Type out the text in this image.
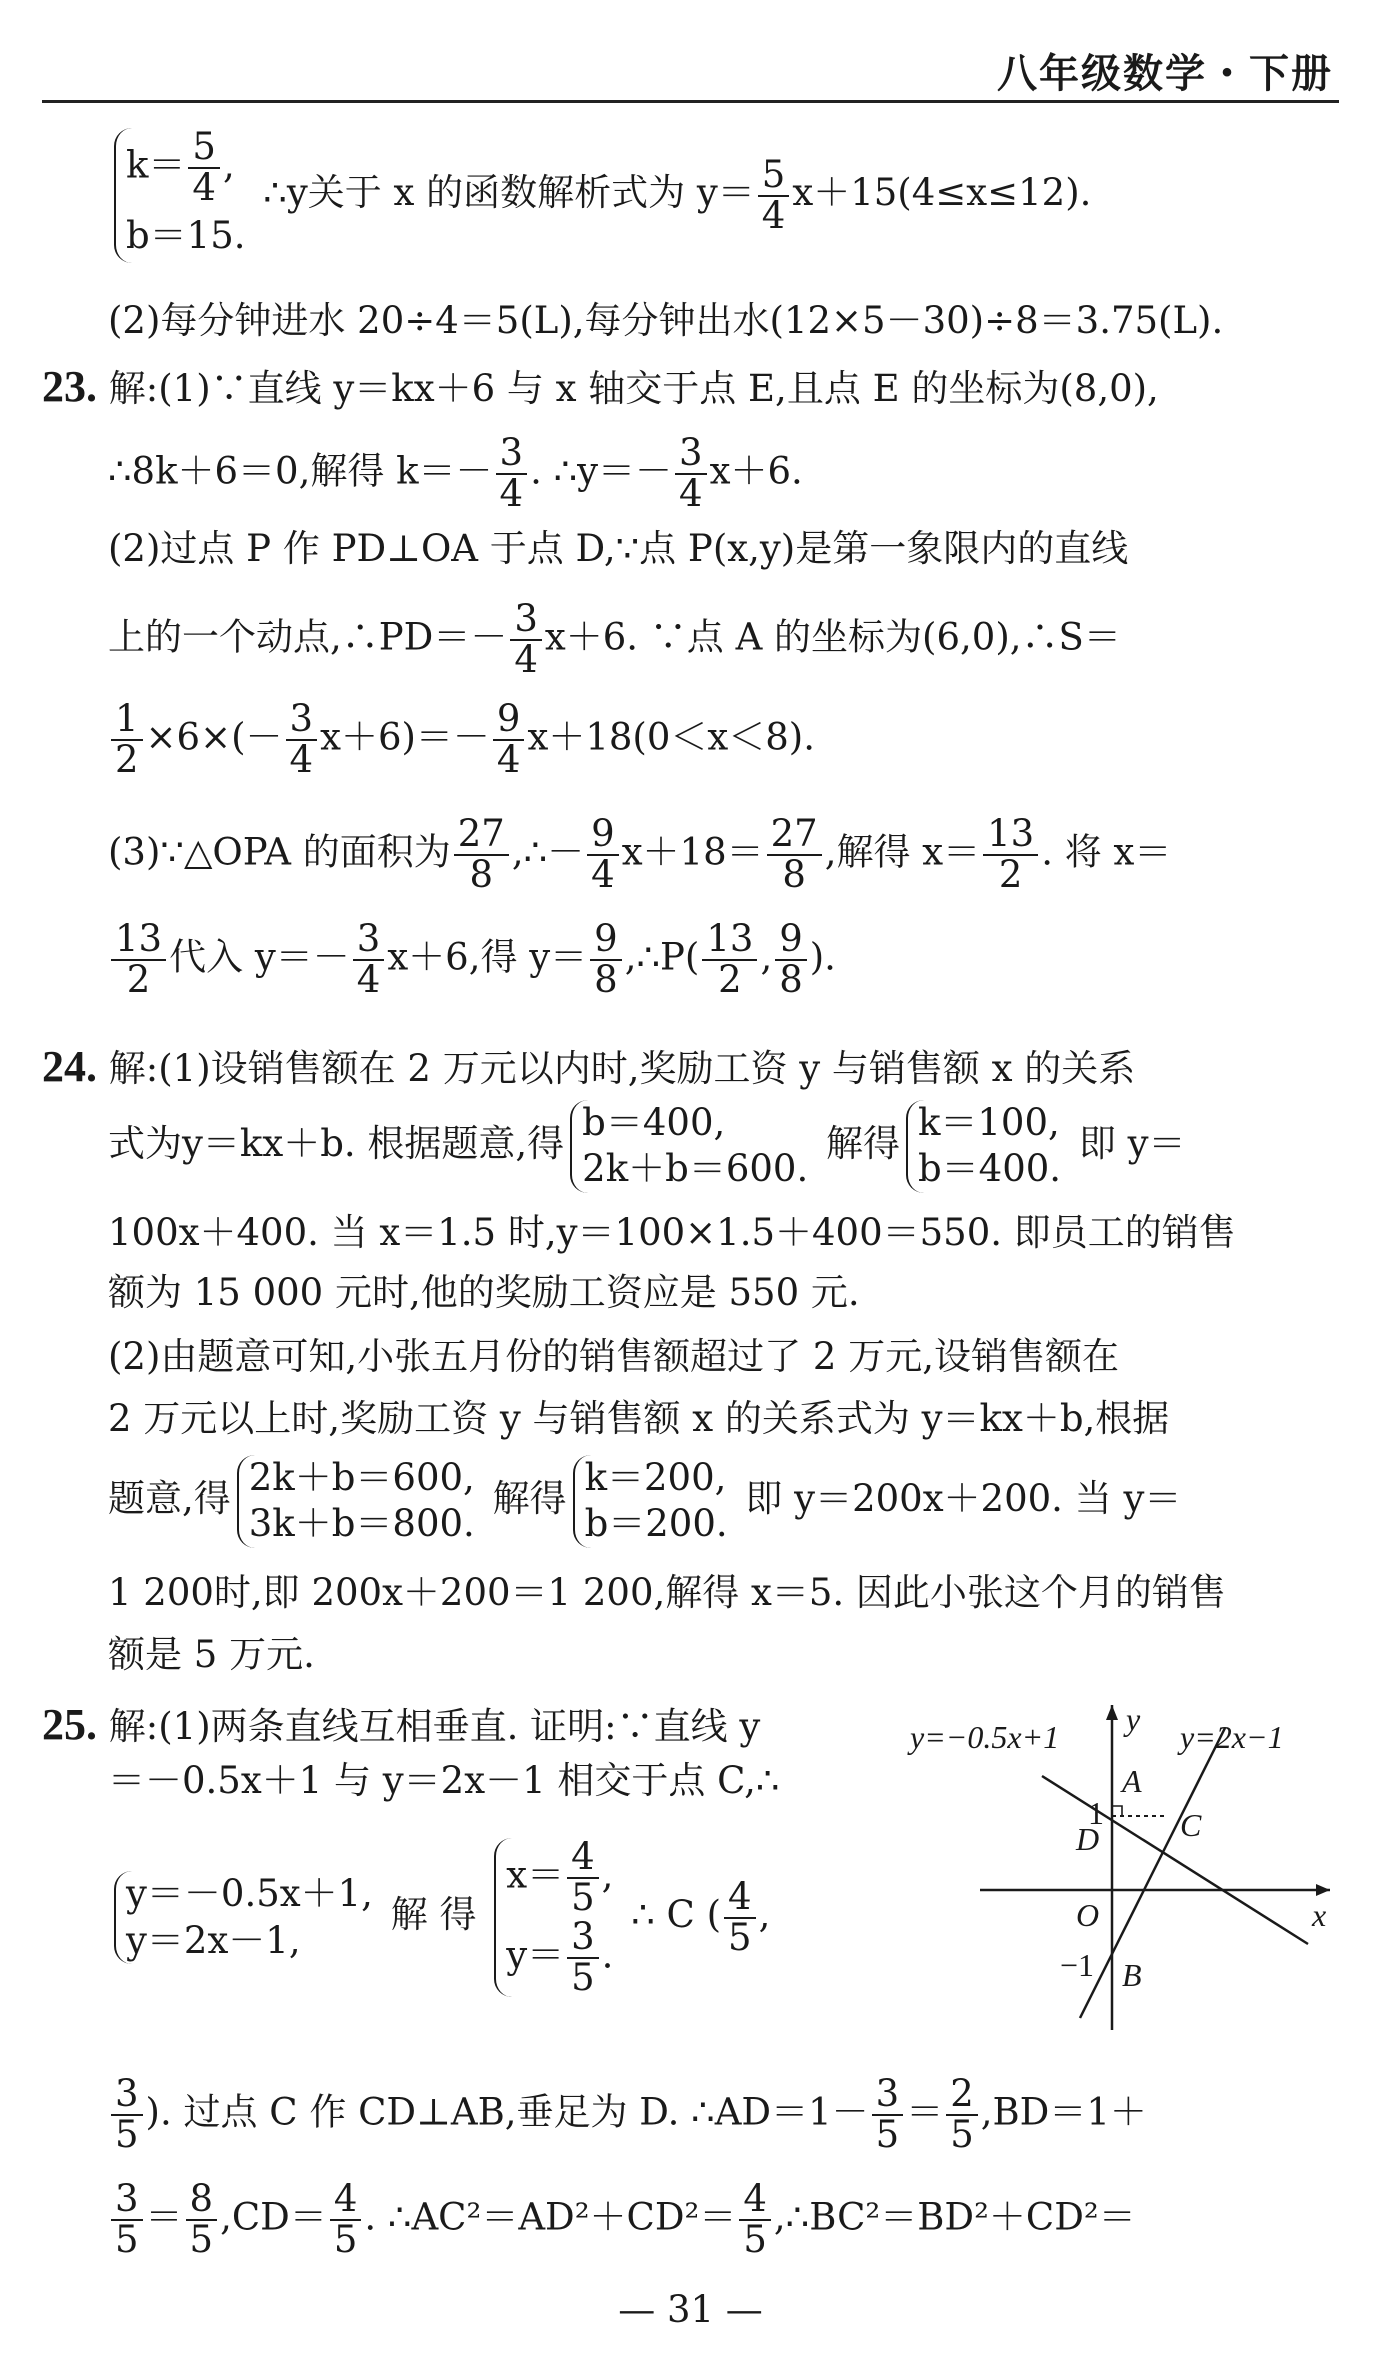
八年级数学・下册
$k= \frac{5}{4}$ ,
b＝15.
∴y关于 x 的函数解析式为 $y= \frac{5}{4} x+15(4\le x\le 12)$.
(2)每分钟进水 20÷4＝5(L),每分钟出水(12×5－30)÷8＝3.75(L).
23. 解:(1)∵直线 y＝kx＋6 与 x 轴交于点 E,且点 E 的坐标为(8,0),
∴8k＋6＝0,解得 $k=- \frac{3}{4}$ . ∴y＝－ $\frac{3}{4} x+6$.
(2)过点 P 作 PD⊥OA 于点 D,∵点 P(x,y)是第一象限内的直线
上的一个动点,∴PD＝－ $\frac{3}{4} x+6$. ∵点 A 的坐标为(6,0),∴S＝
$\frac{1}{2} \times 6\times(- \frac{3}{4} x+6)=- \frac{9}{4} x+18(0<x<8)$.
(3)∵△OPA 的面积为 $\frac{27}{8}$ ,∴－ $\frac{9}{4} x+18= \frac{27}{8}$ ,解得 $x= \frac{13}{2}$ . 将 x＝
$\frac{13}{2}$ 代入 $y=- \frac{3}{4} x+6$,得 $y= \frac{9}{8}$ ,∴P( $\frac{13}{2}$ , $\frac{9}{8}$ ).
24. 解:(1)设销售额在 2 万元以内时,奖励工资 y 与销售额 x 的关系
式为y＝kx＋b. 根据题意,得 b＝400,
2k＋b＝600.
解得 k＝100,
b＝400.
即 y＝
100x＋400. 当 x＝1.5 时,y＝100×1.5＋400＝550. 即员工的销售
额为 15 000 元时,他的奖励工资应是 550 元.
(2)由题意可知,小张五月份的销售额超过了 2 万元,设销售额在
2 万元以上时,奖励工资 y 与销售额 x 的关系式为 y＝kx＋b,根据
题意,得 2k＋b＝600,
3k＋b＝800.
解得 k＝200,
b＝200.
即 y＝200x＋200. 当 y＝
1 200时,即 200x＋200＝1 200,解得 x＝5. 因此小张这个月的销售
额是 5 万元.
25. 解:(1)两条直线互相垂直. 证明:∵直线 y
＝－0.5x＋1 与 y＝2x－1 相交于点 C,∴
y＝－0.5x＋1,
y＝2x－1,
解 得
$x= \frac{4}{5}$ ,
$y= \frac{3}{5}$ .
∴ C ( $\frac{4}{5}$ ,
$\frac{3}{5}$ ). 过点 C 作 CD⊥AB,垂足为 D. ∴AD＝1－ $\frac{3}{5} = \frac{2}{5} ,BD=1+$
$\frac{3}{5} = \frac{8}{5} ,CD= \frac{4}{5}$ . ∴AC²＝AD²＋CD²＝ $\frac{4}{5}$ ,∴BC²＝BD²＋CD²＝
y=−0.5x+1	y=2x−1
y
x
A
1
D	C
O
−1 B
— 31 —
